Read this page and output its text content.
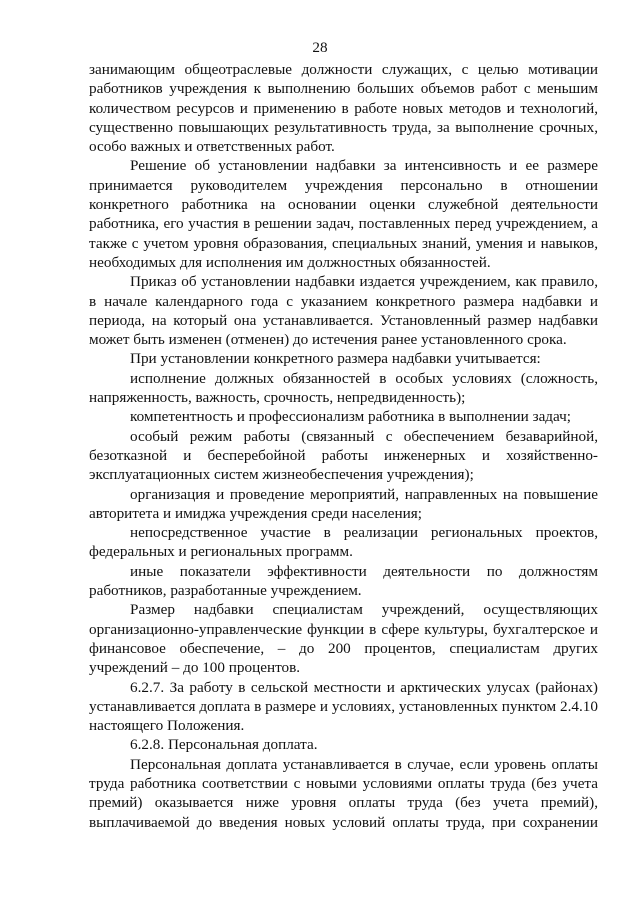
28

занимающим общеотраслевые должности служащих, с целью мотивации работников учреждения к выполнению больших объемов работ с меньшим количеством ресурсов и применению в работе новых методов и технологий, существенно повышающих результативность труда, за выполнение срочных, особо важных и ответственных работ.

Решение об установлении надбавки за интенсивность и ее размере принимается руководителем учреждения персонально в отношении конкретного работника на основании оценки служебной деятельности работника, его участия в решении задач, поставленных перед учреждением, а также с учетом уровня образования, специальных знаний, умения и навыков, необходимых для исполнения им должностных обязанностей.

Приказ об установлении надбавки издается учреждением, как правило, в начале календарного года с указанием конкретного размера надбавки и периода, на который она устанавливается. Установленный размер надбавки может быть изменен (отменен) до истечения ранее установленного срока.

При установлении конкретного размера надбавки учитывается:

исполнение должных обязанностей в особых условиях (сложность, напряженность, важность, срочность, непредвиденность);

компетентность и профессионализм работника в выполнении задач;

особый режим работы (связанный с обеспечением безаварийной, безотказной и бесперебойной работы инженерных и хозяйственно-эксплуатационных систем жизнеобеспечения учреждения);

организация и проведение мероприятий, направленных на повышение авторитета и имиджа учреждения среди населения;

непосредственное участие в реализации региональных проектов, федеральных и региональных программ.

иные показатели эффективности деятельности по должностям работников, разработанные учреждением.

Размер надбавки специалистам учреждений, осуществляющих организационно-управленческие функции в сфере культуры, бухгалтерское и финансовое обеспечение, – до 200 процентов, специалистам других учреждений – до 100 процентов.

6.2.7. За работу в сельской местности и арктических улусах (районах) устанавливается доплата в размере и условиях, установленных пунктом 2.4.10 настоящего Положения.

6.2.8. Персональная доплата.

Персональная доплата устанавливается в случае, если уровень оплаты труда работника соответствии с новыми условиями оплаты труда (без учета премий) оказывается ниже уровня оплаты труда (без учета премий), выплачиваемой до введения новых условий оплаты труда, при сохранении
